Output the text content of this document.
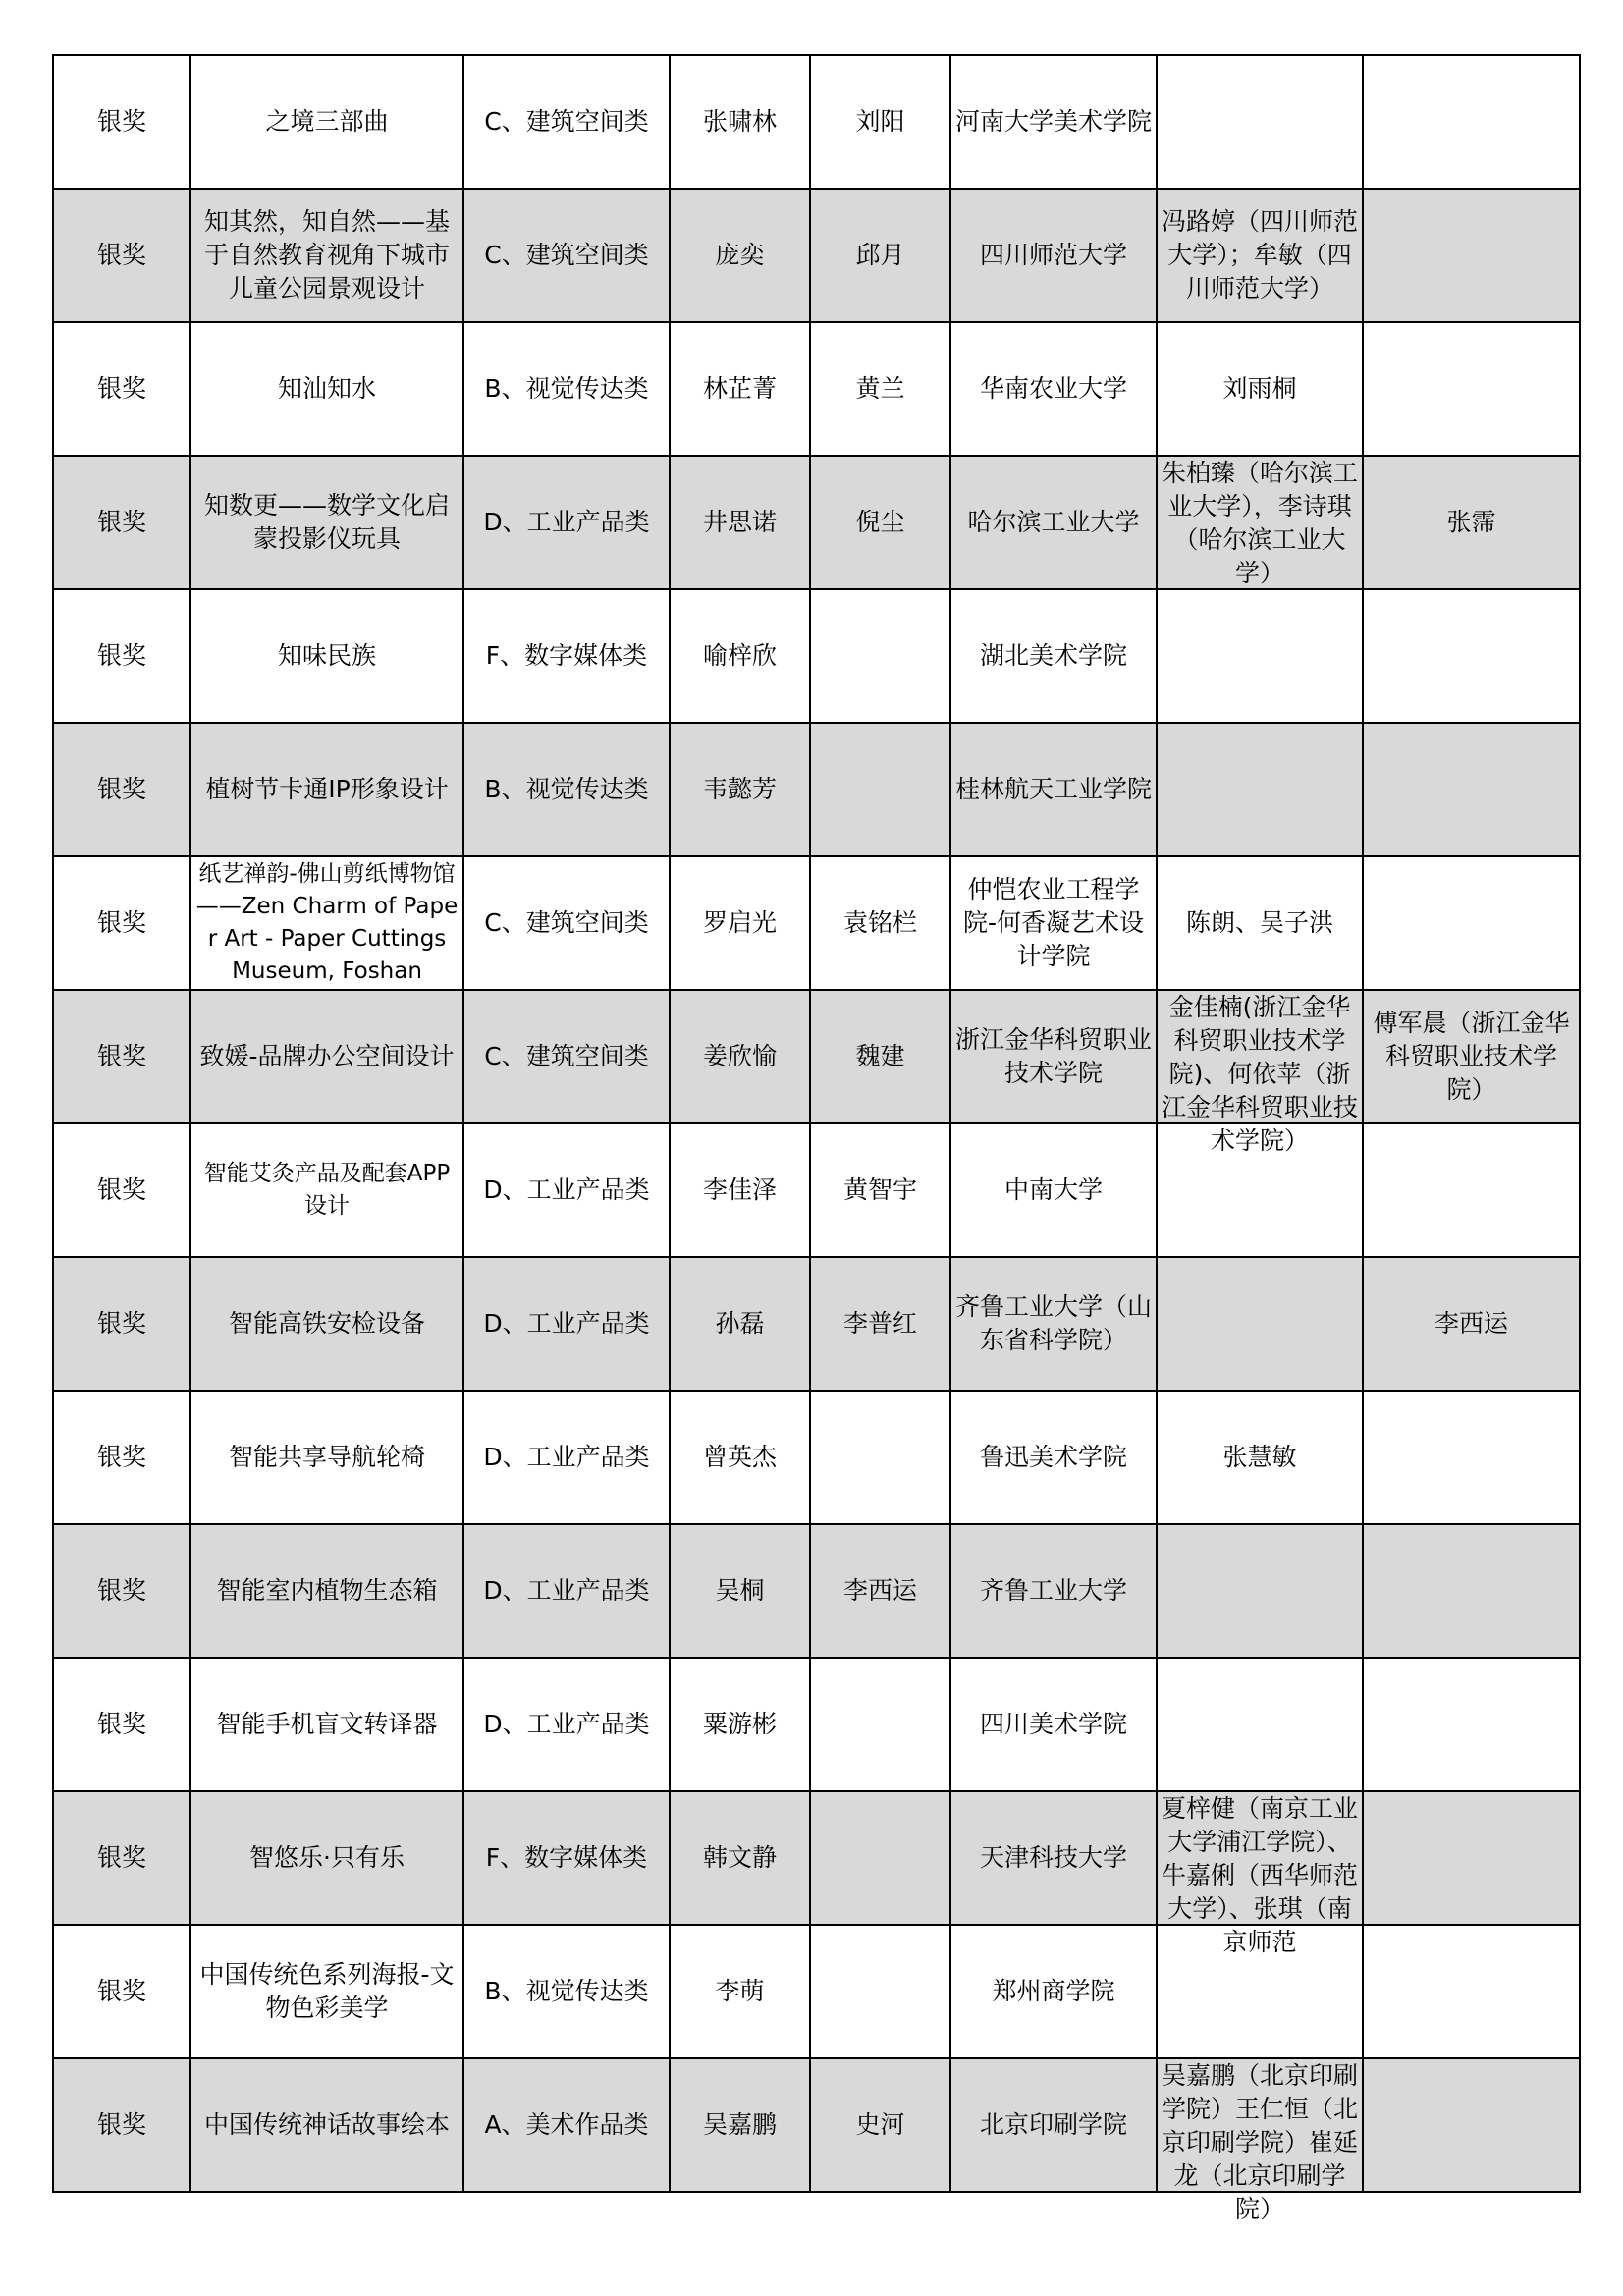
银奖	之境三部曲	C、建筑空间类	张啸林	刘阳	河南大学美术学院		

银奖	知其然，知自然——基于自然教育视角下城市儿童公园景观设计	C、建筑空间类	庞奕	邱月	四川师范大学	冯路婷（四川师范大学）；牟敏（四川师范大学）	

银奖	知汕知水	B、视觉传达类	林芷菁	黄兰	华南农业大学	刘雨桐	

银奖	知数更——数学文化启蒙投影仪玩具	D、工业产品类	井思诺	倪尘	哈尔滨工业大学	朱柏臻（哈尔滨工业大学），李诗琪（哈尔滨工业大学）	张霈

银奖	知味民族	F、数字媒体类	喻梓欣		湖北美术学院		

银奖	植树节卡通IP形象设计	B、视觉传达类	韦懿芳		桂林航天工业学院		

银奖	纸艺禅韵-佛山剪纸博物馆——Zen Charm of Paper Art - Paper Cuttings Museum, Foshan	C、建筑空间类	罗启光	袁铭栏	仲恺农业工程学院-何香凝艺术设计学院	陈朗、吴子洪	

银奖	致媛-品牌办公空间设计	C、建筑空间类	姜欣愉	魏建	浙江金华科贸职业技术学院	金佳楠(浙江金华科贸职业技术学院)、何依苹（浙江金华科贸职业技术学院）	傅军晨（浙江金华科贸职业技术学院）

银奖	智能艾灸产品及配套APP设计	D、工业产品类	李佳泽	黄智宇	中南大学		

银奖	智能高铁安检设备	D、工业产品类	孙磊	李普红	齐鲁工业大学（山东省科学院）		李西运

银奖	智能共享导航轮椅	D、工业产品类	曾英杰		鲁迅美术学院	张慧敏	

银奖	智能室内植物生态箱	D、工业产品类	吴桐	李西运	齐鲁工业大学		

银奖	智能手机盲文转译器	D、工业产品类	粟游彬		四川美术学院		

银奖	智悠乐·只有乐	F、数字媒体类	韩文静		天津科技大学	夏梓健（南京工业大学浦江学院）、牛嘉俐（西华师范大学）、张琪（南京师范	

银奖	中国传统色系列海报-文物色彩美学	B、视觉传达类	李萌		郑州商学院		

银奖	中国传统神话故事绘本	A、美术作品类	吴嘉鹏	史河	北京印刷学院	吴嘉鹏（北京印刷学院）王仁恒（北京印刷学院）崔延龙（北京印刷学院）	
